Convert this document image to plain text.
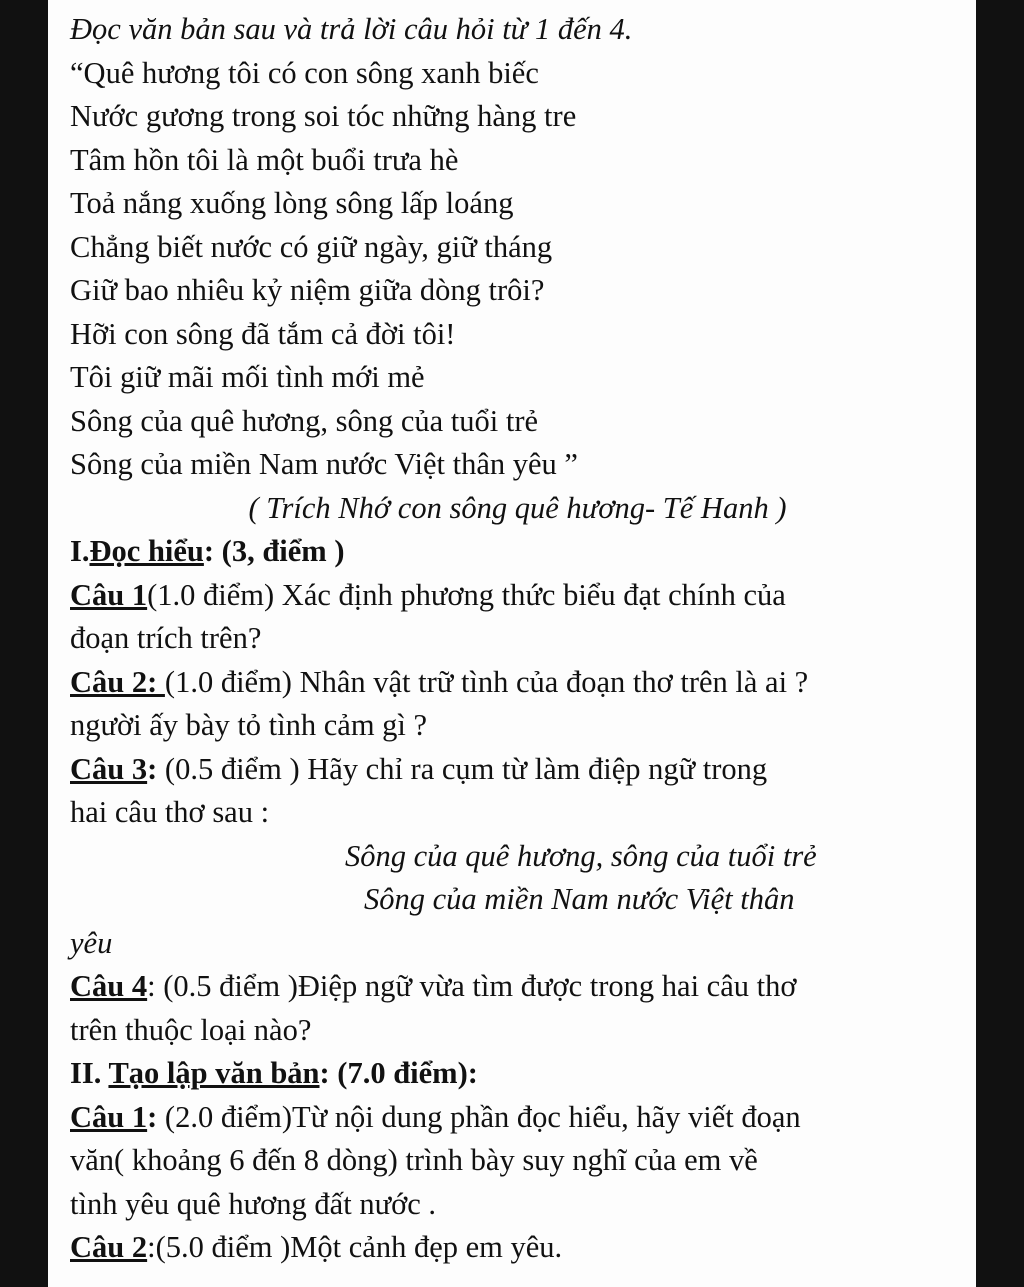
Đọc văn bản sau và trả lời câu hỏi từ 1 đến 4.
“Quê hương tôi có con sông xanh biếc
Nước gương trong soi tóc những hàng tre
Tâm hồn tôi là một buổi trưa hè
Toả nắng xuống lòng sông lấp loáng
Chẳng biết nước có giữ ngày, giữ tháng
Giữ bao nhiêu kỷ niệm giữa dòng trôi?
Hỡi con sông đã tắm cả đời tôi!
Tôi giữ mãi mối tình mới mẻ
Sông của quê hương, sông của tuổi trẻ
Sông của miền Nam nước Việt thân yêu ”
( Trích Nhớ con sông quê hương- Tế Hanh )
I.Đọc hiểu: (3, điểm )
Câu 1(1.0 điểm) Xác định phương thức biểu đạt chính của
đoạn trích trên?
Câu 2: (1.0 điểm) Nhân vật trữ tình của đoạn thơ trên là ai ?
người ấy bày tỏ tình cảm gì ?
Câu 3: (0.5 điểm ) Hãy chỉ ra cụm từ làm điệp ngữ trong
hai câu thơ sau :
Sông của quê hương, sông của tuổi trẻ
Sông của miền Nam nước Việt thân
yêu
Câu 4: (0.5 điểm )Điệp ngữ vừa tìm được trong hai câu thơ
trên thuộc loại nào?
II. Tạo lập văn bản: (7.0 điểm):
Câu 1: (2.0 điểm)Từ nội dung phần đọc hiểu, hãy viết đoạn
văn( khoảng 6 đến 8 dòng) trình bày suy nghĩ của em về
tình yêu quê hương đất nước .
Câu 2:(5.0 điểm )Một cảnh đẹp em yêu.
